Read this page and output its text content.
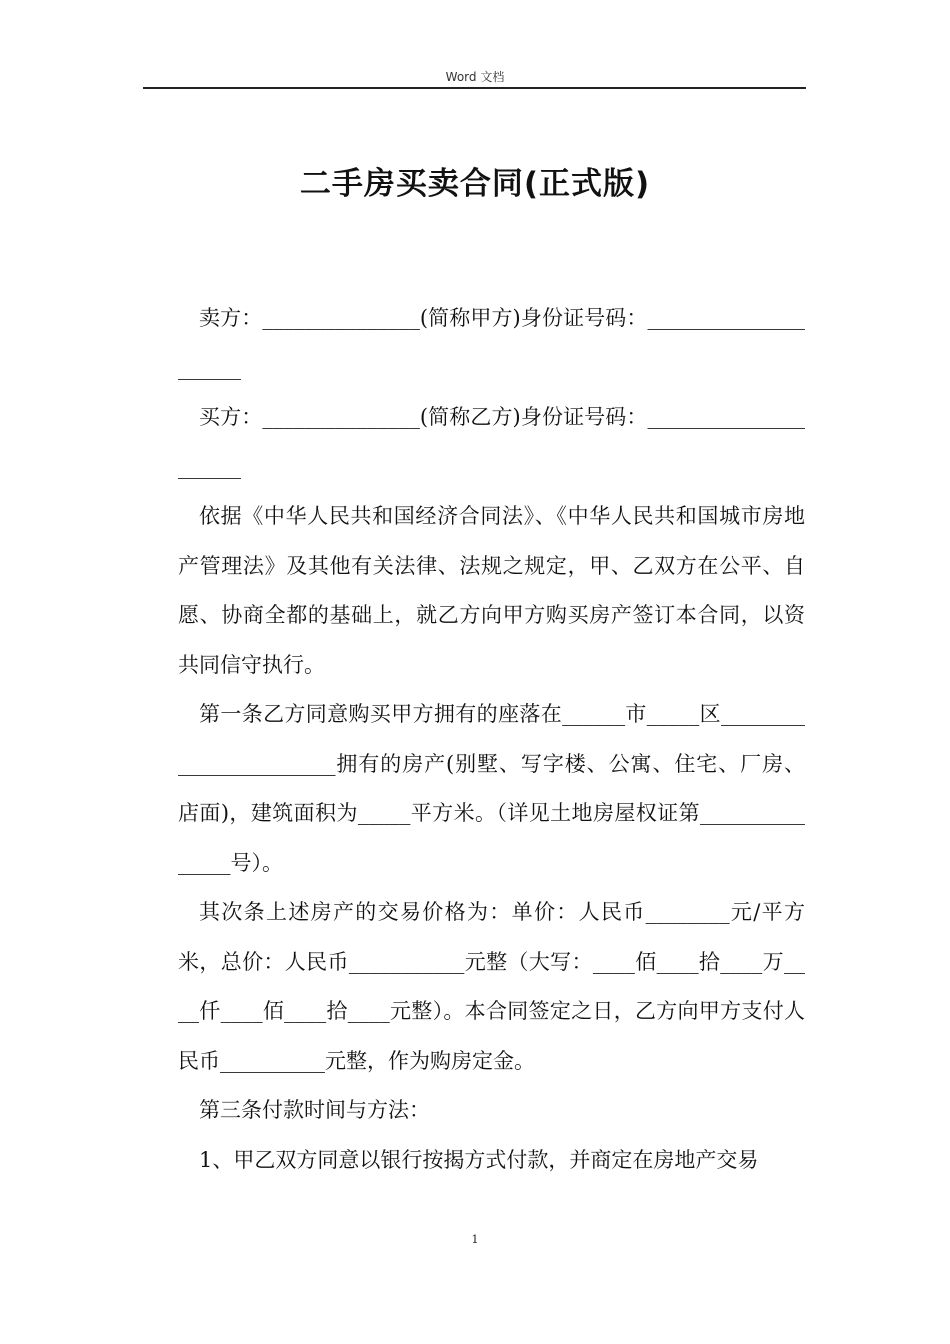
Word 文档
二手房买卖合同(正式版)

卖方：_______________(简称甲方)身份证号码：_____________________

买方：_______________(简称乙方)身份证号码：_____________________

依据《中华人民共和国经济合同法》、《中华人民共和国城市房地产管理法》及其他有关法律、法规之规定，甲、乙双方在公平、自愿、协商全都的基础上，就乙方向甲方购买房产签订本合同，以资共同信守执行。

第一条乙方同意购买甲方拥有的座落在______市_____区_______________________拥有的房产(别墅、写字楼、公寓、住宅、厂房、店面)，建筑面积为_____平方米。（详见土地房屋权证第_______________号）。

其次条上述房产的交易价格为：单价：人民币________元/平方米，总价：人民币___________元整（大写：____佰____拾____万____仟____佰____拾____元整）。本合同签定之日，乙方向甲方支付人民币__________元整，作为购房定金。

第三条付款时间与方法：

1、甲乙双方同意以银行按揭方式付款，并商定在房地产交易

1
